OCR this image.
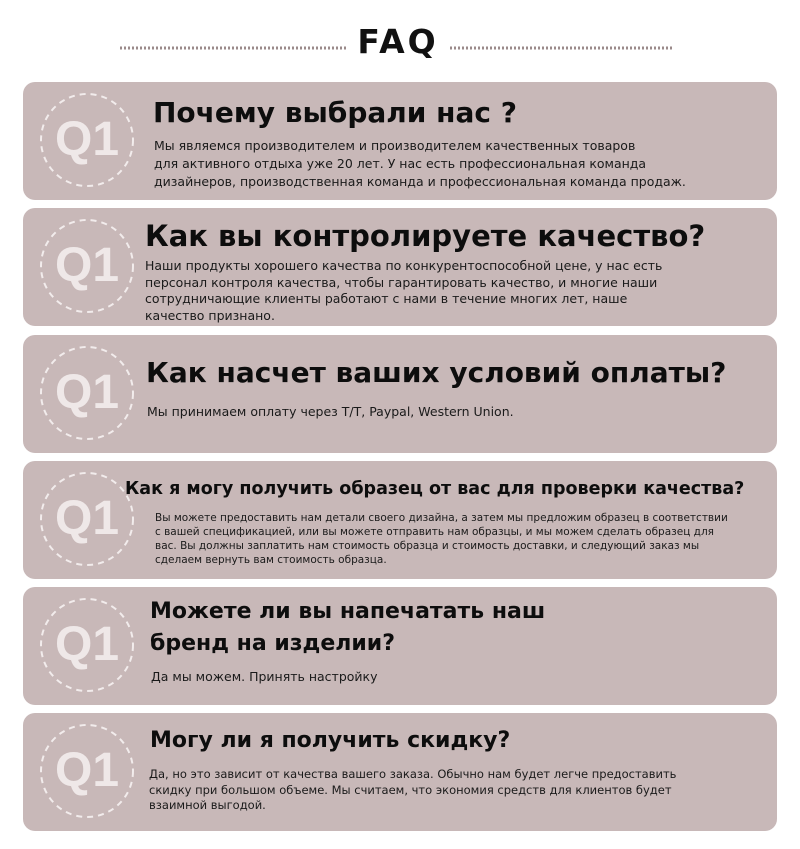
FAQ
Q1
Почему выбрали нас ?
Мы являемся производителем и производителем качественных товаров
для активного отдыха уже 20 лет. У нас есть профессиональная команда
дизайнеров, производственная команда и профессиональная команда продаж.
Q1
Как вы контролируете качество?
Наши продукты хорошего качества по конкурентоспособной цене, у нас есть
персонал контроля качества, чтобы гарантировать качество, и многие наши
сотрудничающие клиенты работают с нами в течение многих лет, наше
качество признано.
Q1 Как насчет ваших условий оплаты?
Мы принимаем оплату через T/T, Paypal, Western Union.
Q1
Как я могу получить образец от вас для проверки качества?
Вы можете предоставить нам детали своего дизайна, а затем мы предложим образец в соответствии
с вашей спецификацией, или вы можете отправить нам образцы, и мы можем сделать образец для
вас. Вы должны заплатить нам стоимость образца и стоимость доставки, и следующий заказ мы
сделаем вернуть вам стоимость образца.
Q1
Можете ли вы напечатать наш
бренд на изделии?
Да мы можем. Принять настройку
Q1
Могу ли я получить скидку?
Да, но это зависит от качества вашего заказа. Обычно нам будет легче предоставить
скидку при большом объеме. Мы считаем, что экономия средств для клиентов будет
взаимной выгодой.
